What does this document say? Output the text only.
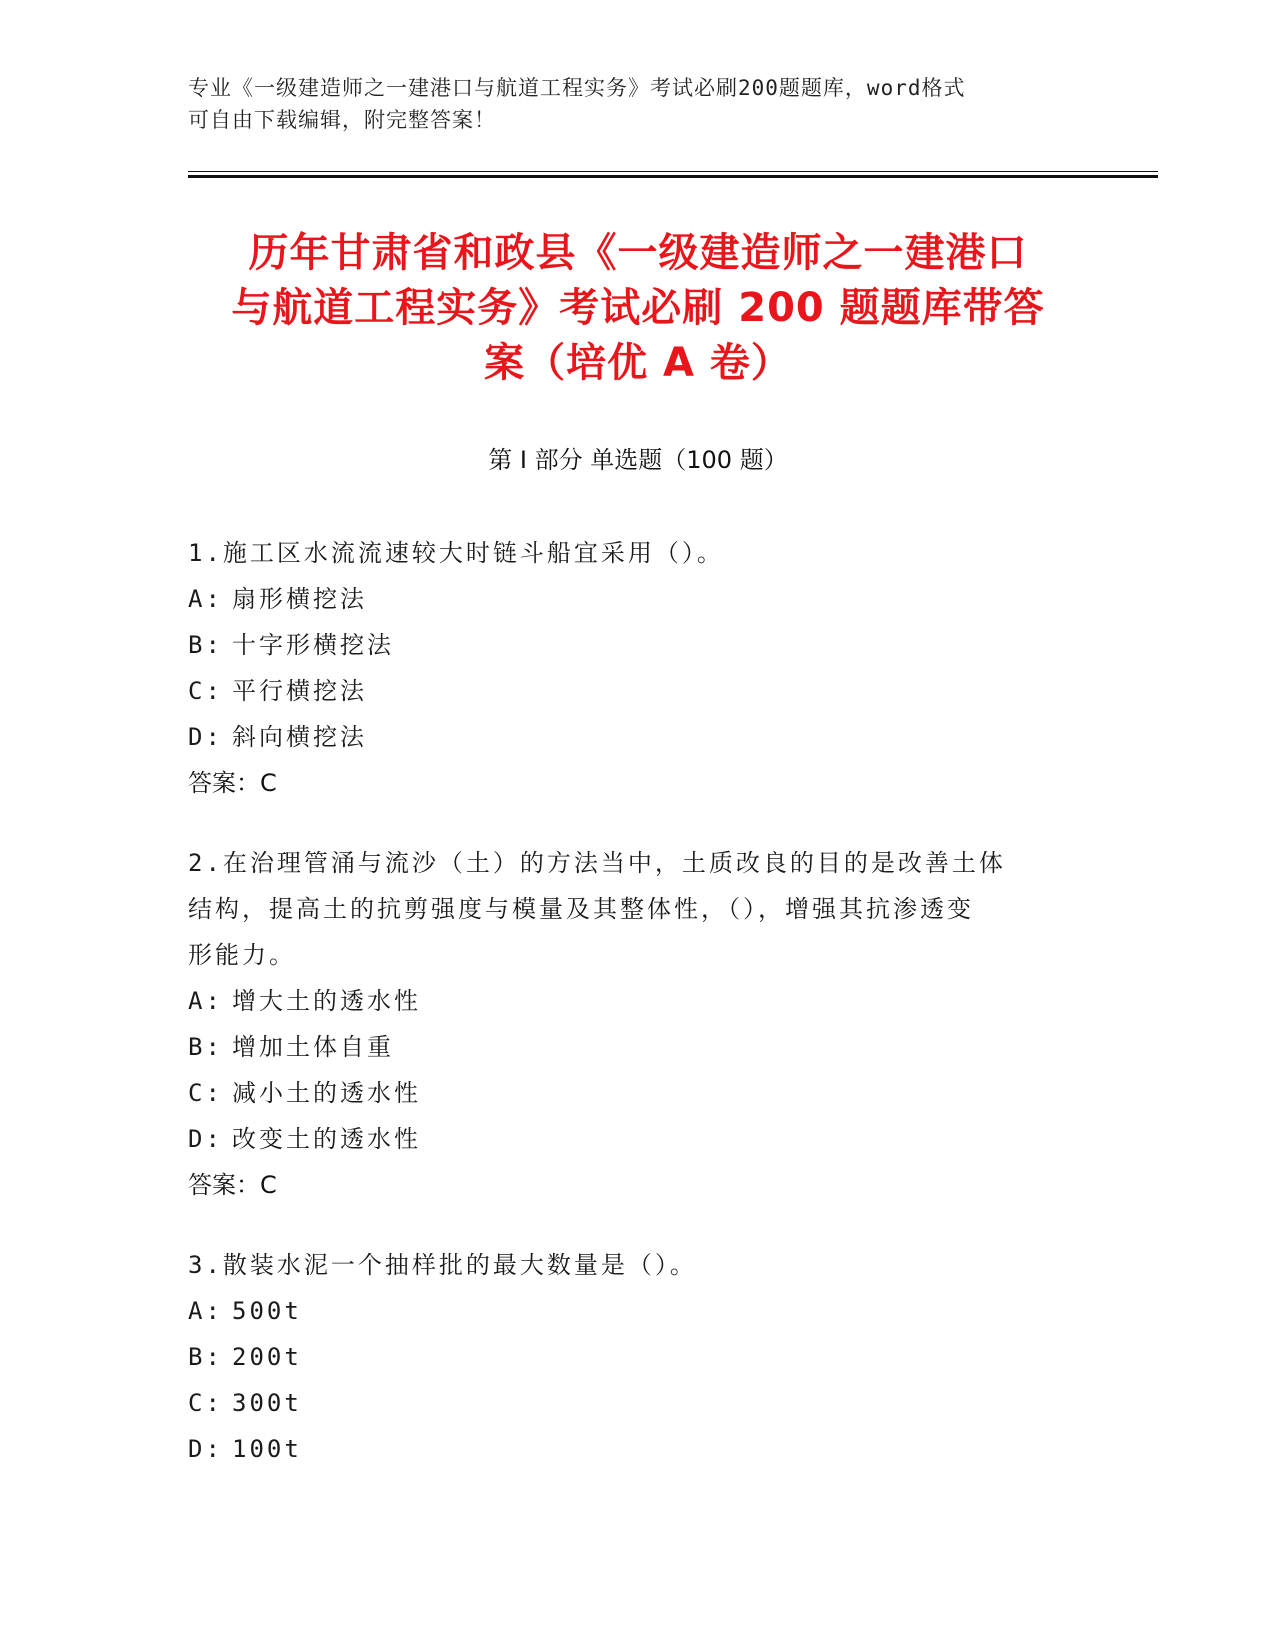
专业《一级建造师之一建港口与航道工程实务》考试必刷200题题库，word格式
可自由下载编辑，附完整答案！
历年甘肃省和政县《一级建造师之一建港口
与航道工程实务》考试必刷 200 题题库带答
案（培优 A 卷）
第 I 部分 单选题（100 题）
1.施工区水流流速较大时链斗船宜采用（）。
A: 扇形横挖法
B: 十字形横挖法
C: 平行横挖法
D: 斜向横挖法
答案：C
2.在治理管涌与流沙（土）的方法当中，土质改良的目的是改善土体
结构，提高土的抗剪强度与模量及其整体性，（），增强其抗渗透变
形能力。
A: 增大土的透水性
B: 增加土体自重
C: 减小土的透水性
D: 改变土的透水性
答案：C
3.散装水泥一个抽样批的最大数量是（）。
A: 500t
B: 200t
C: 300t
D: 100t
